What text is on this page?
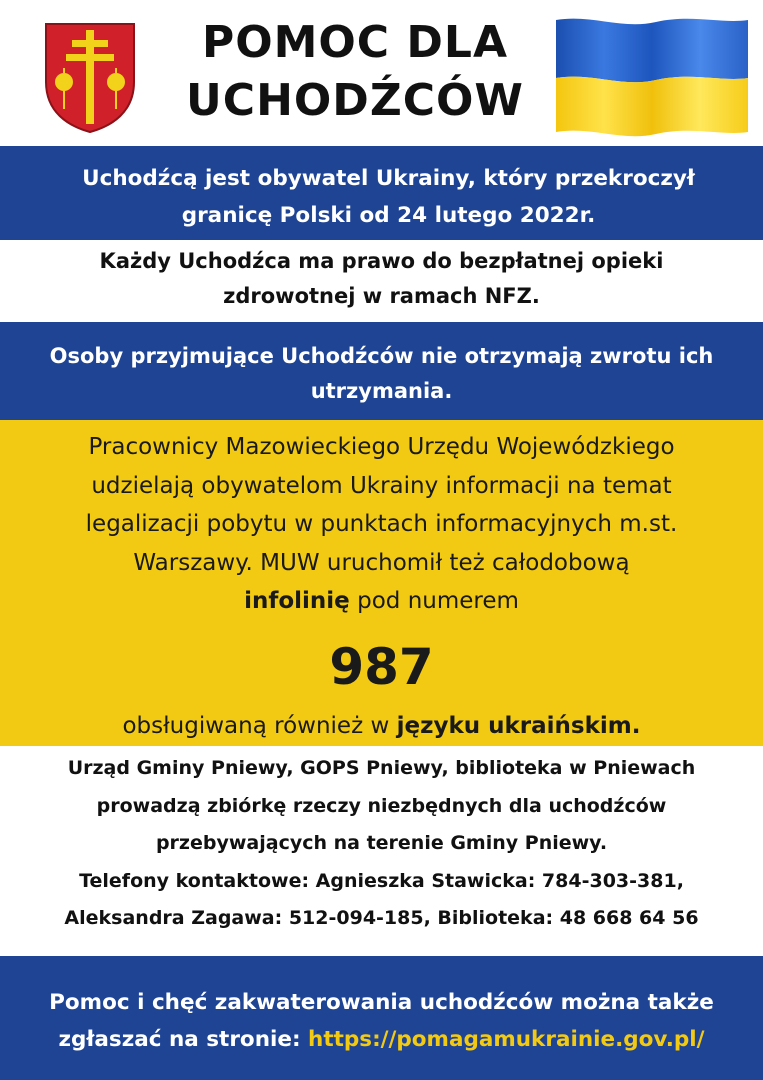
POMOC DLA
UCHODŹCÓW
Uchodźcą jest obywatel Ukrainy, który przekroczył granicę Polski od 24 lutego 2022r.
Każdy Uchodźca ma prawo do bezpłatnej opieki zdrowotnej w ramach NFZ.
Osoby przyjmujące Uchodźców nie otrzymają zwrotu ich utrzymania.
Pracownicy Mazowieckiego Urzędu Wojewódzkiego
udzielają obywatelom Ukrainy informacji na temat
legalizacji pobytu w punktach informacyjnych m.st.
Warszawy. MUW uruchomił też całodobową
infolinię pod numerem
987
obsługiwaną również w języku ukraińskim.
Urząd Gminy Pniewy, GOPS Pniewy, biblioteka w Pniewach
prowadzą zbiórkę rzeczy niezbędnych dla uchodźców
przebywających na terenie Gminy Pniewy.
Telefony kontaktowe: Agnieszka Stawicka: 784-303-381,
Aleksandra Zagawa: 512-094-185, Biblioteka: 48 668 64 56
Pomoc i chęć zakwaterowania uchodźców można także
zgłaszać na stronie: https://pomagamukrainie.gov.pl/
